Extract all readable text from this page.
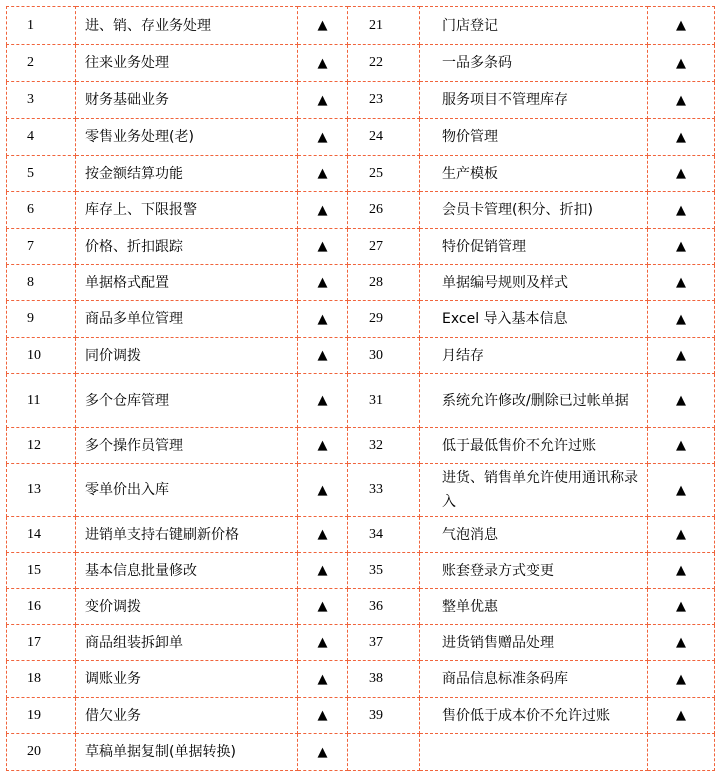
1	进、销、存业务处理	▲	21	门店登记	▲
2	往来业务处理	▲	22	一品多条码	▲
3	财务基础业务	▲	23	服务项目不管理库存	▲
4	零售业务处理(老)	▲	24	物价管理	▲
5	按金额结算功能	▲	25	生产模板	▲
6	库存上、下限报警	▲	26	会员卡管理(积分、折扣)	▲
7	价格、折扣跟踪	▲	27	特价促销管理	▲
8	单据格式配置	▲	28	单据编号规则及样式	▲
9	商品多单位管理	▲	29	Excel 导入基本信息	▲
10	同价调拨	▲	30	月结存	▲
11	多个仓库管理	▲	31	系统允许修改/删除已过帐单据	▲
12	多个操作员管理	▲	32	低于最低售价不允许过账	▲
13	零单价出入库	▲	33	进货、销售单允许使用通讯称录入	▲
14	进销单支持右键刷新价格	▲	34	气泡消息	▲
15	基本信息批量修改	▲	35	账套登录方式变更	▲
16	变价调拨	▲	36	整单优惠	▲
17	商品组装拆卸单	▲	37	进货销售赠品处理	▲
18	调账业务	▲	38	商品信息标准条码库	▲
19	借欠业务	▲	39	售价低于成本价不允许过账	▲
20	草稿单据复制(单据转换)	▲			
